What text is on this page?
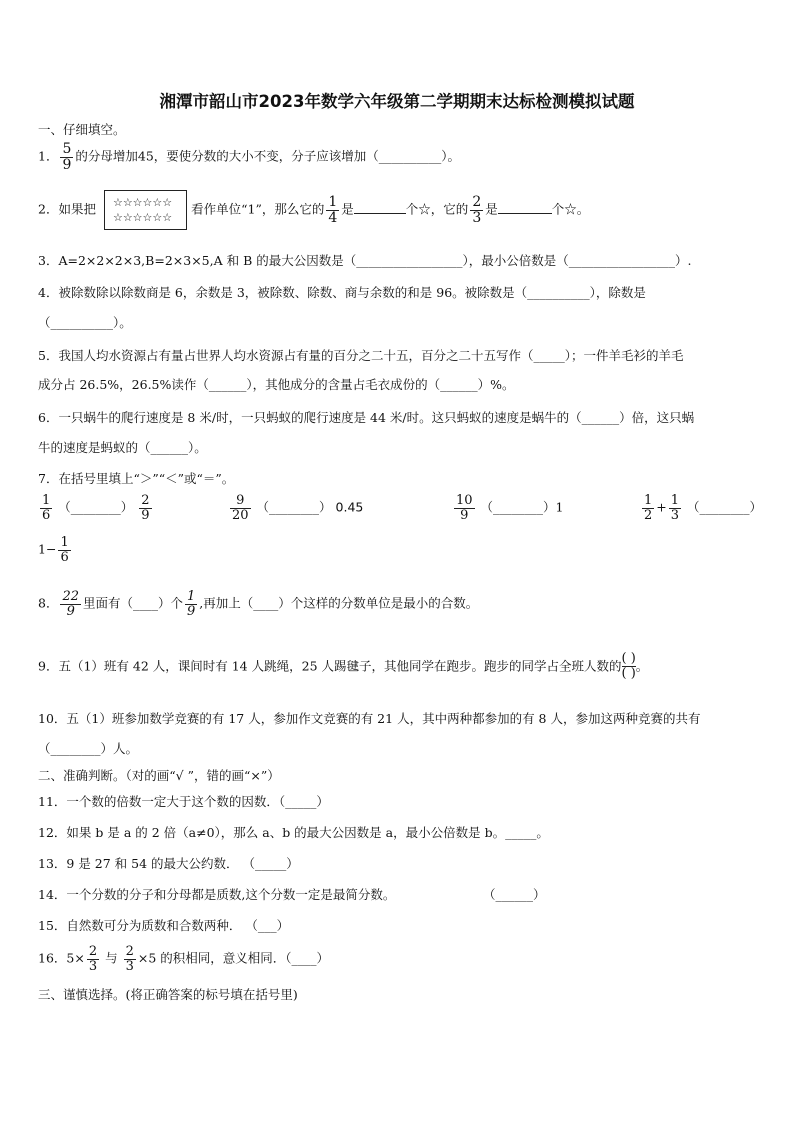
湘潭市韶山市2023年数学六年级第二学期期末达标检测模拟试题
一、仔细填空。
1． $\frac{5}{9}$ 的分母增加45，要使分数的大小不变，分子应该增加（__________）。
2．如果把 ☆☆☆☆☆☆
☆☆☆☆☆☆
看作单位“1”，那么它的 $\frac{1}{4}$ 是	个☆，它的 $\frac{2}{3}$ 是	个☆。
3．A=2×2×2×3,B=2×3×5,A 和 B 的最大公因数是（_________________），最小公倍数是（_________________）.
4．被除数除以除数商是 6，余数是 3，被除数、除数、商与余数的和是 96。被除数是（__________），除数是
（__________）。
5．我国人均水资源占有量占世界人均水资源占有量的百分之二十五，百分之二十五写作（_____）；一件羊毛衫的羊毛
成分占 26.5%，26.5%读作（______），其他成分的含量占毛衣成份的（______）%。
6．一只蜗牛的爬行速度是 8 米/时，一只蚂蚁的爬行速度是 44 米/时。这只蚂蚁的速度是蜗牛的（______）倍，这只蜗
牛的速度是蚂蚁的（______）。
7．在括号里填上“＞”“＜”或“＝”。
$\frac{1}{6}$ （________） $\frac{2}{9}$	$\frac{9}{20}$ （________） 0.45	$\frac{10}{9}$ （________）1	$\frac{1}{2} + \frac{1}{3}$ （________）
$1- \frac{1}{6}$
8． $\frac{22}{9}$ 里面有（____）个 $\frac{1}{9}$ ,再加上（____）个这样的分数单位是最小的合数。
9．五（1）班有 42 人，课间时有 14 人跳绳，25 人踢毽子，其他同学在跑步。跑步的同学占全班人数的 $\frac{( )}{( )}$ 。
10．五（1）班参加数学竞赛的有 17 人，参加作文竞赛的有 21 人，其中两种都参加的有 8 人，参加这两种竞赛的共有
（________）人。
二、准确判断。（对的画“√ ”，错的画“×”）
11．一个数的倍数一定大于这个数的因数．（_____）
12．如果 b 是 a 的 2 倍（a≠0），那么 a、b 的最大公因数是 a，最小公倍数是 b。_____。
13．9 是 27 和 54 的最大公约数． （_____）
14．一个分数的分子和分母都是质数,这个分数一定是最简分数。	（______）
15．自然数可分为质数和合数两种． （___）
16．$5\times \frac{2}{3}$ 与 $\frac{2}{3} \times 5$ 的积相同，意义相同．（____）
三、谨慎选择。(将正确答案的标号填在括号里)
